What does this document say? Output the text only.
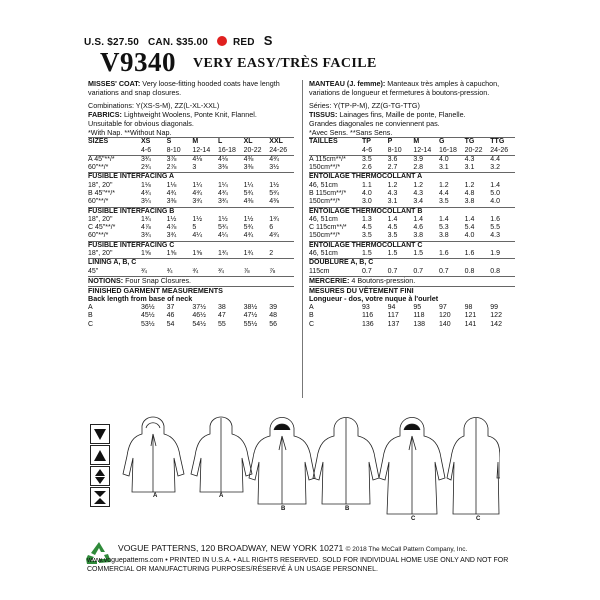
U.S. $27.50 CAN. $35.00 RED S
V9340 VERY EASY/TRÈS FACILE

MISSES' COAT: Very loose-fitting hooded coats have length variations and snap closures.

Combinations: Y(XS-S-M), ZZ(L-XL-XXL)

FABRICS: Lightweight Woolens, Ponte Knit, Flannel.

Unsuitable for obvious diagonals.

*With Nap. **Without Nap.

SIZES	XS	S	M	L	XL	XXL
	4-6	8-10	12-14	16-18	20-22	24-26
A 45"**/*	3¾	3⅞	4⅛	4⅛	4⅜	4¾
60"**/*	2¾	2⅞	3	3⅜	3⅜	3½
FUSIBLE INTERFACING A						
18", 20"	1⅛	1⅛	1¼	1¼	1¼	1½
B 45"**/*	4¾	4¾	4¾	4¾	5¾	5¾
60"**/*	3¼	3⅜	3¾	3¾	4⅜	4⅜
FUSIBLE INTERFACING B						
18", 20"	1¾	1½	1½	1½	1½	1¾
C 45"**/*	4⅞	4⅞	5	5¾	5¾	6
60"**/*	3¾	3¾	4¼	4¼	4¾	4¾
FUSIBLE INTERFACING C						
18", 20"	1⅝	1⅝	1⅝	1¾	1¾	2
LINING A, B, C						
45"	¾	¾	¾	¾	⅞	⅞

NOTIONS: Four Snap Closures.

FINISHED GARMENT MEASUREMENTS

Back length from base of neck

A	36½	37	37½	38	38½	39
B	45½	46	46½	47	47½	48
C	53½	54	54½	55	55½	56

MANTEAU (J. femme): Manteaux très amples à capuchon, variations de longueur et fermetures à boutons-pression.

Séries: Y(TP-P-M), ZZ(G-TG-TTG)

TISSUS: Lainages fins, Maille de ponte, Flanelle.

Grandes diagonales ne conviennent pas.

*Avec Sens. **Sans Sens.

TAILLES	TP	P	M	G	TG	TTG
	4-6	8-10	12-14	16-18	20-22	24-26
A 115cm**/*	3.5	3.6	3.9	4.0	4.3	4.4
150cm**/*	2.6	2.7	2.8	3.1	3.1	3.2
ENTOILAGE THERMOCOLLANT A						
46, 51cm	1.1	1.2	1.2	1.2	1.2	1.4
B 115cm**/*	4.0	4.3	4.3	4.4	4.8	5.0
150cm**/*	3.0	3.1	3.4	3.5	3.8	4.0
ENTOILAGE THERMOCOLLANT B						
46, 51cm	1.3	1.4	1.4	1.4	1.4	1.6
C 115cm**/*	4.5	4.5	4.6	5.3	5.4	5.5
150cm**/*	3.5	3.5	3.8	3.8	4.0	4.3
ENTOILAGE THERMOCOLLANT C						
46, 51cm	1.5	1.5	1.5	1.6	1.6	1.9
DOUBLURE A, B, C						
115cm	0.7	0.7	0.7	0.7	0.8	0.8

MERCERIE: 4 Boutons-pression.

MESURES DU VÊTEMENT FINI

Longueur - dos, votre nuque à l'ourlet

A	93	94	95	97	98	99
B	116	117	118	120	121	122
C	136	137	138	140	141	142
A	A
B	B
C	C
VOGUE PATTERNS, 120 BROADWAY, NEW YORK 10271 © 2018 The McCall Pattern Company, Inc.
www.voguepatterns.com • PRINTED IN U.S.A. • ALL RIGHTS RESERVED. SOLD FOR INDIVIDUAL HOME USE ONLY AND NOT FOR COMMERCIAL OR MANUFACTURING PURPOSES/RÉSERVÉ À UN USAGE PERSONNEL.
